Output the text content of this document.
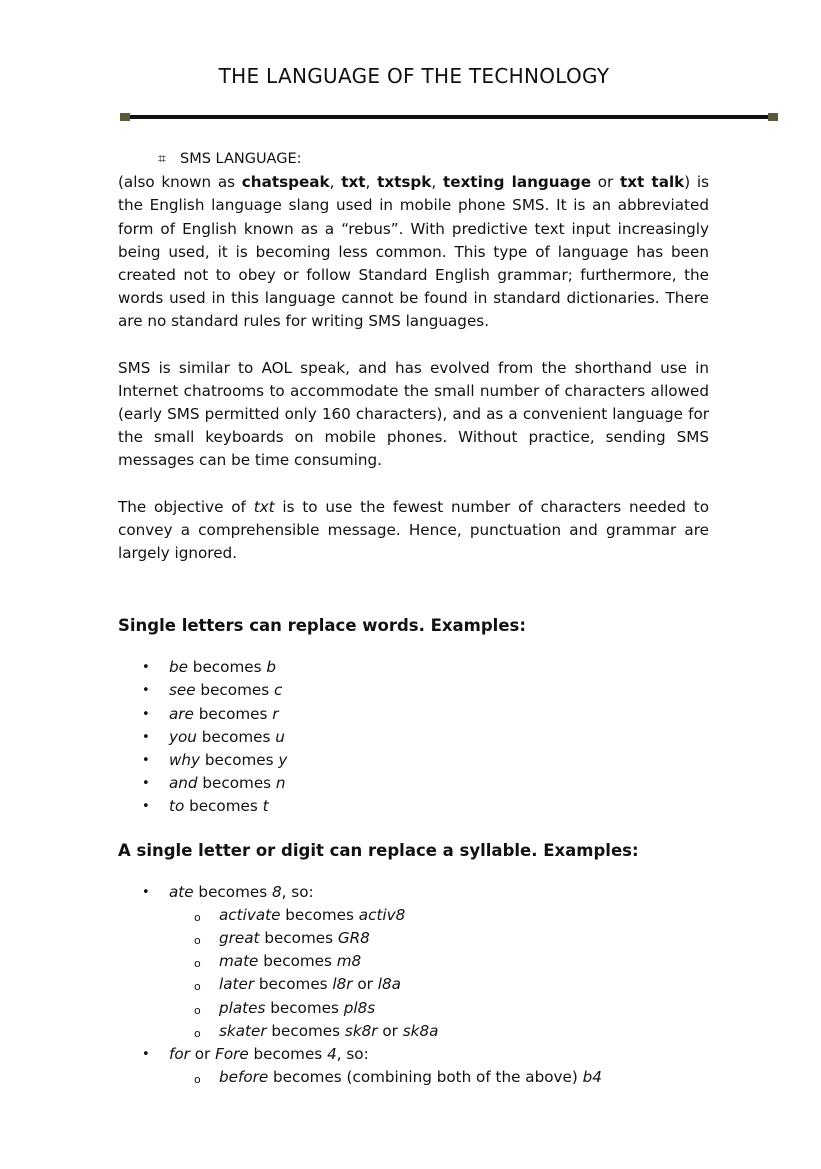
THE LANGUAGE OF THE TECHNOLOGY
⌗ SMS LANGUAGE:

(also known as chatspeak, txt, txtspk, texting language or txt talk) is the English language slang used in mobile phone SMS. It is an abbreviated form of English known as a “rebus”. With predictive text input increasingly being used, it is becoming less common. This type of language has been created not to obey or follow Standard English grammar; furthermore, the words used in this language cannot be found in standard dictionaries. There are no standard rules for writing SMS languages.

SMS is similar to AOL speak, and has evolved from the shorthand use in Internet chatrooms to accommodate the small number of characters allowed (early SMS permitted only 160 characters), and as a convenient language for the small keyboards on mobile phones. Without practice, sending SMS messages can be time consuming.

The objective of txt is to use the fewest number of characters needed to convey a comprehensible message. Hence, punctuation and grammar are largely ignored.

Single letters can replace words. Examples:
• be becomes b
• see becomes c
• are becomes r
• you becomes u
• why becomes y
• and becomes n
• to becomes t
A single letter or digit can replace a syllable. Examples:
• ate becomes 8, so:
o activate becomes activ8
o great becomes GR8
o mate becomes m8
o later becomes l8r or l8a
o plates becomes pl8s
o skater becomes sk8r or sk8a
• for or Fore becomes 4, so:
o before becomes (combining both of the above) b4
